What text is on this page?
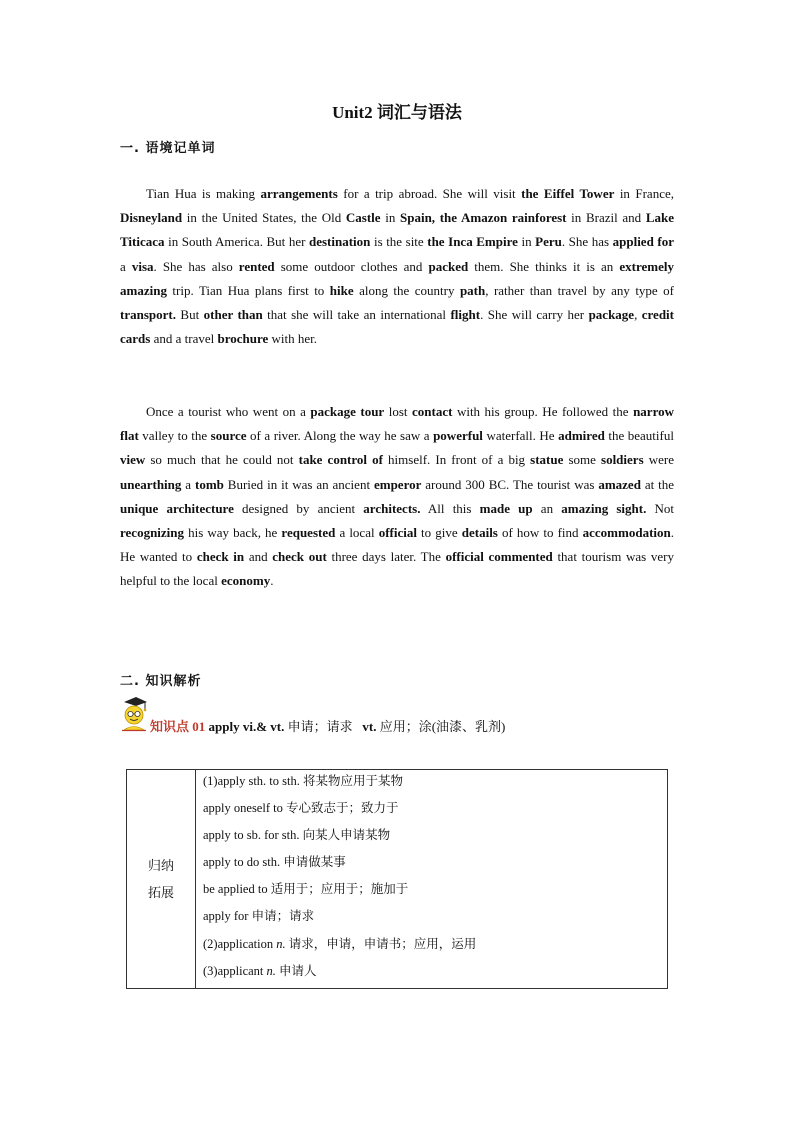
Unit2 词汇与语法
一. 语境记单词
Tian Hua is making arrangements for a trip abroad. She will visit the Eiffel Tower in France, Disneyland in the United States, the Old Castle in Spain, the Amazon rainforest in Brazil and Lake Titicaca in South America. But her destination is the site the Inca Empire in Peru. She has applied for a visa. She has also rented some outdoor clothes and packed them. She thinks it is an extremely amazing trip. Tian Hua plans first to hike along the country path, rather than travel by any type of transport. But other than that she will take an international flight. She will carry her package, credit cards and a travel brochure with her.
Once a tourist who went on a package tour lost contact with his group. He followed the narrow flat valley to the source of a river. Along the way he saw a powerful waterfall. He admired the beautiful view so much that he could not take control of himself. In front of a big statue some soldiers were unearthing a tomb Buried in it was an ancient emperor around 300 BC. The tourist was amazed at the unique architecture designed by ancient architects. All this made up an amazing sight. Not recognizing his way back, he requested a local official to give details of how to find accommodation. He wanted to check in and check out three days later. The official commented that tourism was very helpful to the local economy.
二. 知识解析
知识点 01 apply vi.& vt. 申请；请求 vt. 应用；涂(油漆、乳剂)
归纳
拓展	
(1)apply sth. to sth. 将某物应用于某物
apply oneself to 专心致志于；致力于
apply to sb. for sth. 向某人申请某物
apply to do sth. 申请做某事
be applied to 适用于；应用于；施加于
apply for 申请；请求
(2)application n. 请求，申请，申请书；应用，运用
(3)applicant n. 申请人
